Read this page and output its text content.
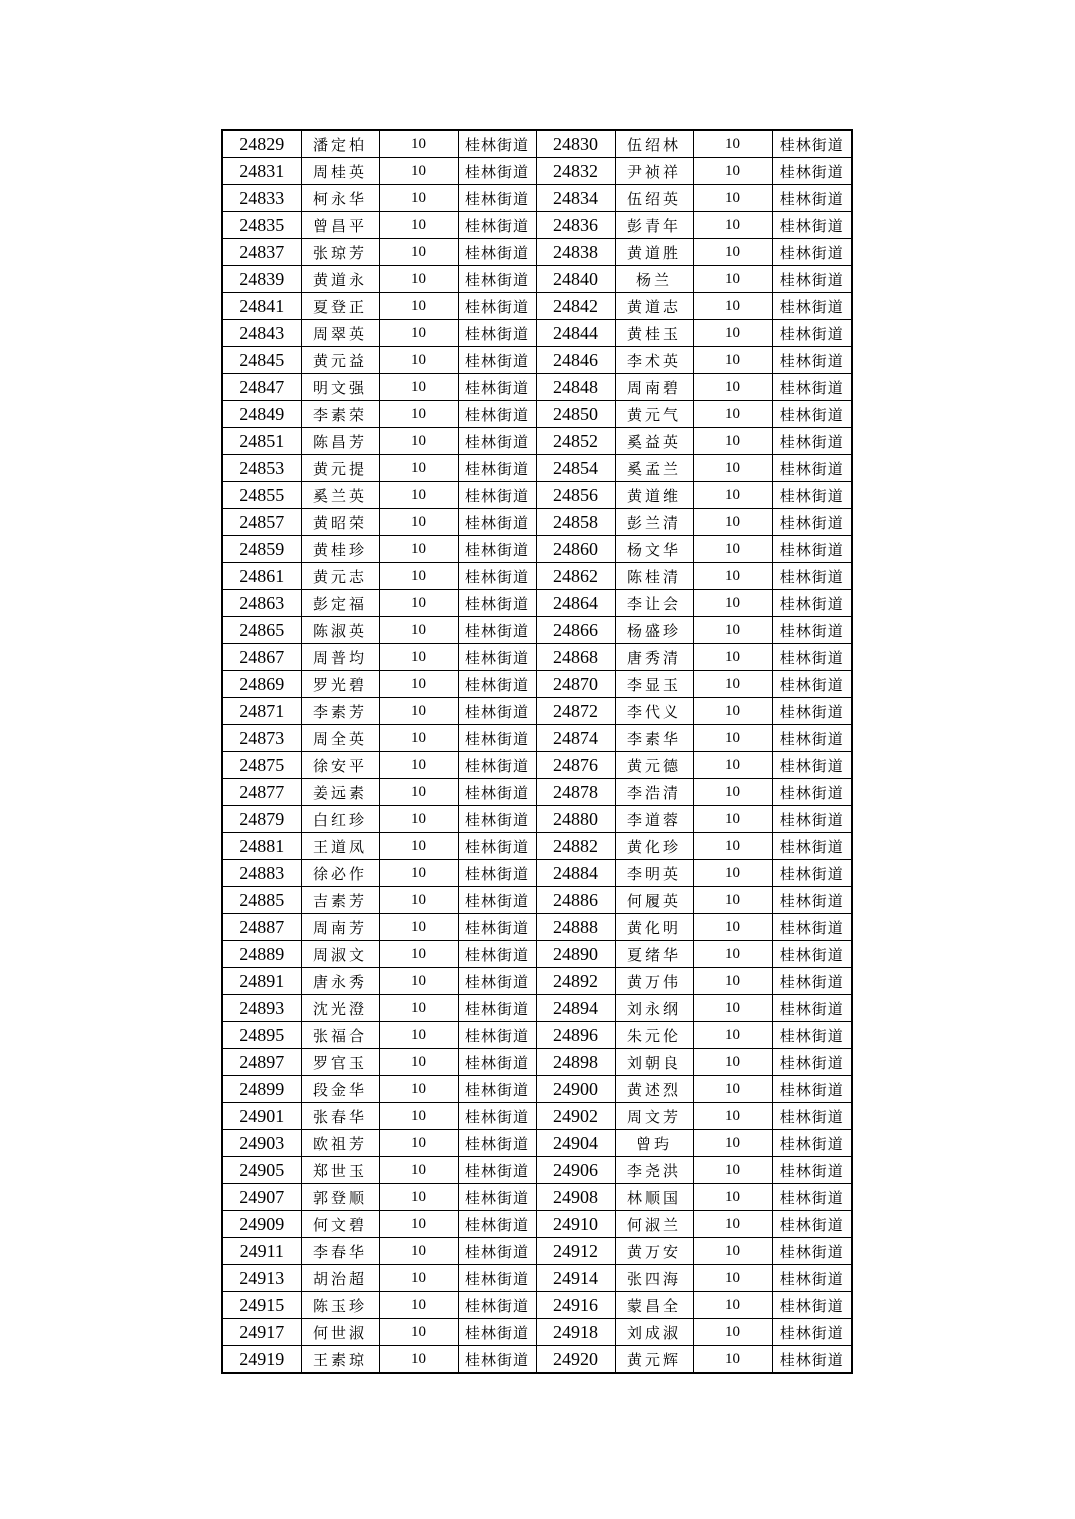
24829	潘定柏	10	桂林街道	24830	伍绍林	10	桂林街道
24831	周桂英	10	桂林街道	24832	尹祯祥	10	桂林街道
24833	柯永华	10	桂林街道	24834	伍绍英	10	桂林街道
24835	曾昌平	10	桂林街道	24836	彭青年	10	桂林街道
24837	张琼芳	10	桂林街道	24838	黄道胜	10	桂林街道
24839	黄道永	10	桂林街道	24840	杨兰	10	桂林街道
24841	夏登正	10	桂林街道	24842	黄道志	10	桂林街道
24843	周翠英	10	桂林街道	24844	黄桂玉	10	桂林街道
24845	黄元益	10	桂林街道	24846	李术英	10	桂林街道
24847	明文强	10	桂林街道	24848	周南碧	10	桂林街道
24849	李素荣	10	桂林街道	24850	黄元气	10	桂林街道
24851	陈昌芳	10	桂林街道	24852	奚益英	10	桂林街道
24853	黄元提	10	桂林街道	24854	奚孟兰	10	桂林街道
24855	奚兰英	10	桂林街道	24856	黄道维	10	桂林街道
24857	黄昭荣	10	桂林街道	24858	彭兰清	10	桂林街道
24859	黄桂珍	10	桂林街道	24860	杨文华	10	桂林街道
24861	黄元志	10	桂林街道	24862	陈桂清	10	桂林街道
24863	彭定福	10	桂林街道	24864	李让会	10	桂林街道
24865	陈淑英	10	桂林街道	24866	杨盛珍	10	桂林街道
24867	周普均	10	桂林街道	24868	唐秀清	10	桂林街道
24869	罗光碧	10	桂林街道	24870	李显玉	10	桂林街道
24871	李素芳	10	桂林街道	24872	李代义	10	桂林街道
24873	周全英	10	桂林街道	24874	李素华	10	桂林街道
24875	徐安平	10	桂林街道	24876	黄元德	10	桂林街道
24877	姜远素	10	桂林街道	24878	李浩清	10	桂林街道
24879	白红珍	10	桂林街道	24880	李道蓉	10	桂林街道
24881	王道凤	10	桂林街道	24882	黄化珍	10	桂林街道
24883	徐必作	10	桂林街道	24884	李明英	10	桂林街道
24885	吉素芳	10	桂林街道	24886	何履英	10	桂林街道
24887	周南芳	10	桂林街道	24888	黄化明	10	桂林街道
24889	周淑文	10	桂林街道	24890	夏绪华	10	桂林街道
24891	唐永秀	10	桂林街道	24892	黄万伟	10	桂林街道
24893	沈光澄	10	桂林街道	24894	刘永纲	10	桂林街道
24895	张福合	10	桂林街道	24896	朱元伦	10	桂林街道
24897	罗官玉	10	桂林街道	24898	刘朝良	10	桂林街道
24899	段金华	10	桂林街道	24900	黄述烈	10	桂林街道
24901	张春华	10	桂林街道	24902	周文芳	10	桂林街道
24903	欧祖芳	10	桂林街道	24904	曾玙	10	桂林街道
24905	郑世玉	10	桂林街道	24906	李尧洪	10	桂林街道
24907	郭登顺	10	桂林街道	24908	林顺国	10	桂林街道
24909	何文碧	10	桂林街道	24910	何淑兰	10	桂林街道
24911	李春华	10	桂林街道	24912	黄万安	10	桂林街道
24913	胡治超	10	桂林街道	24914	张四海	10	桂林街道
24915	陈玉珍	10	桂林街道	24916	蒙昌全	10	桂林街道
24917	何世淑	10	桂林街道	24918	刘成淑	10	桂林街道
24919	王素琼	10	桂林街道	24920	黄元辉	10	桂林街道
